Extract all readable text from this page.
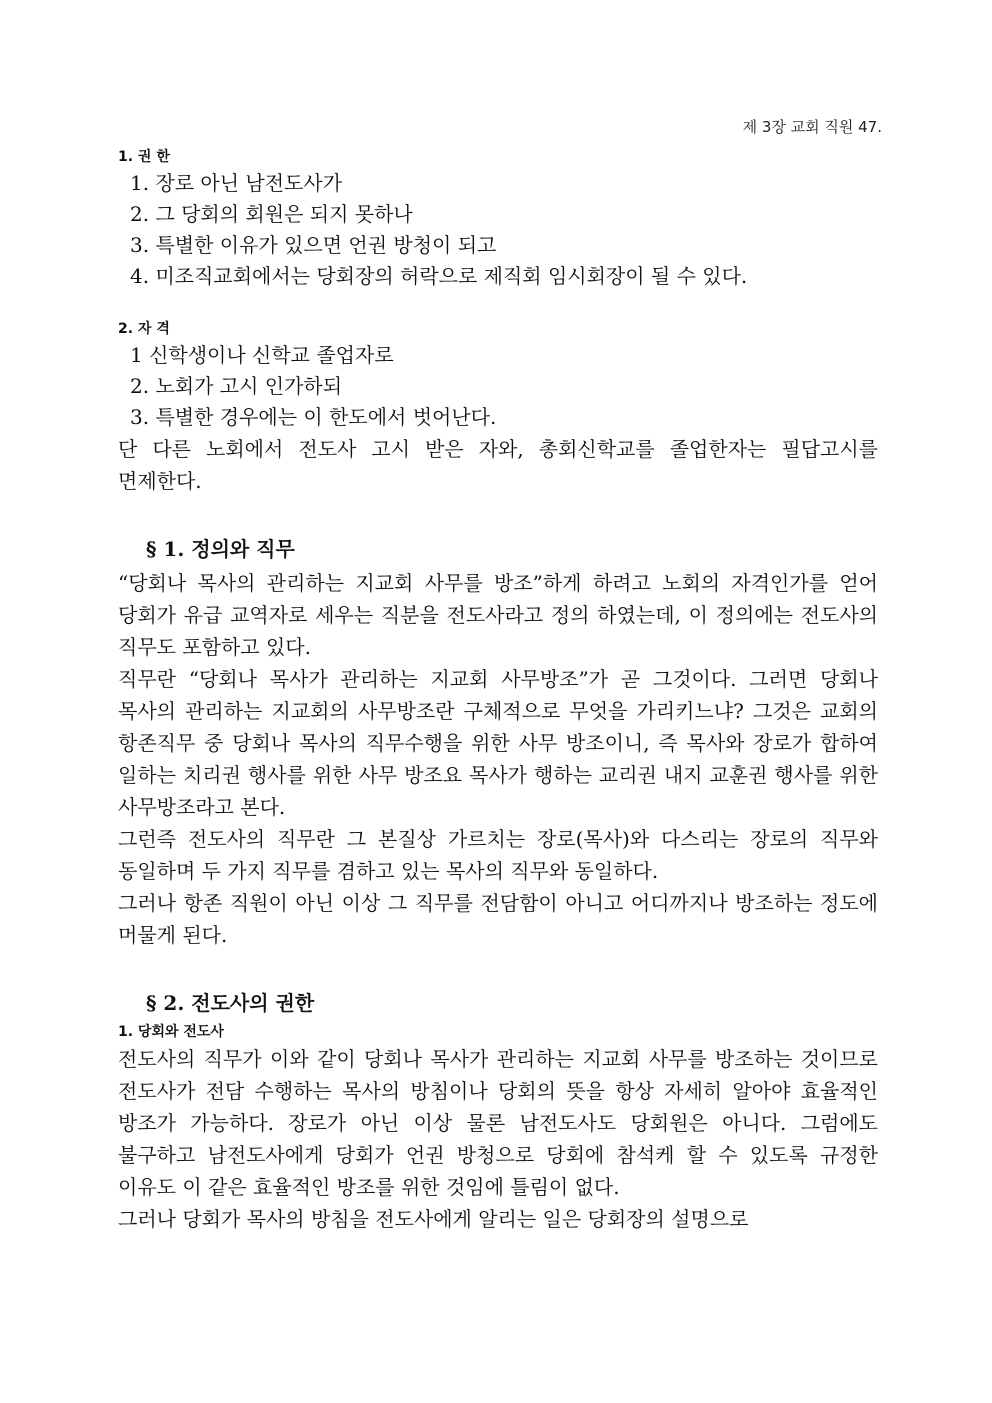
제 3장 교회 직원 47.

1. 권 한

1. 장로 아닌 남전도사가

2. 그 당회의 회원은 되지 못하나

3. 특별한 이유가 있으면 언권 방청이 되고

4. 미조직교회에서는 당회장의 허락으로 제직회 임시회장이 될 수 있다.

2. 자 격

1 신학생이나 신학교 졸업자로

2. 노회가 고시 인가하되

3. 특별한 경우에는 이 한도에서 벗어난다.

단 다른 노회에서 전도사 고시 받은 자와, 총회신학교를 졸업한자는 필답고시를 면제한다.

§ 1. 정의와 직무

“당회나 목사의 관리하는 지교회 사무를 방조”하게 하려고 노회의 자격인가를 얻어 당회가 유급 교역자로 세우는 직분을 전도사라고 정의 하였는데, 이 정의에는 전도사의 직무도 포함하고 있다.

직무란 “당회나 목사가 관리하는 지교회 사무방조”가 곧 그것이다. 그러면 당회나 목사의 관리하는 지교회의 사무방조란 구체적으로 무엇을 가리키느냐? 그것은 교회의 항존직무 중 당회나 목사의 직무수행을 위한 사무 방조이니, 즉 목사와 장로가 합하여 일하는 치리권 행사를 위한 사무 방조요 목사가 행하는 교리권 내지 교훈권 행사를 위한 사무방조라고 본다.

그런즉 전도사의 직무란 그 본질상 가르치는 장로(목사)와 다스리는 장로의 직무와 동일하며 두 가지 직무를 겸하고 있는 목사의 직무와 동일하다.

그러나 항존 직원이 아닌 이상 그 직무를 전담함이 아니고 어디까지나 방조하는 정도에 머물게 된다.

§ 2. 전도사의 권한

1. 당회와 전도사

전도사의 직무가 이와 같이 당회나 목사가 관리하는 지교회 사무를 방조하는 것이므로 전도사가 전담 수행하는 목사의 방침이나 당회의 뜻을 항상 자세히 알아야 효율적인 방조가 가능하다. 장로가 아닌 이상 물론 남전도사도 당회원은 아니다. 그럼에도 불구하고 남전도사에게 당회가 언권 방청으로 당회에 참석케 할 수 있도록 규정한 이유도 이 같은 효율적인 방조를 위한 것임에 틀림이 없다.

그러나 당회가 목사의 방침을 전도사에게 알리는 일은 당회장의 설명으로
